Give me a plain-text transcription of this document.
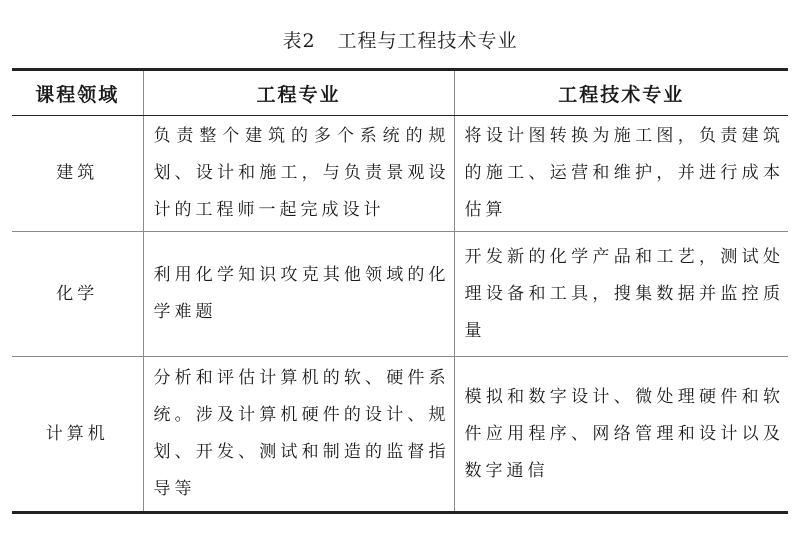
表2 工程与工程技术专业
课程领域	工程专业	工程技术专业
建筑	负责整个建筑的多个系统的规划、设计和施工，与负责景观设计的工程师一起完成设计	将设计图转换为施工图，负责建筑的施工、运营和维护，并进行成本估算
化学	利用化学知识攻克其他领域的化学难题	开发新的化学产品和工艺，测试处理设备和工具，搜集数据并监控质量
计算机	分析和评估计算机的软、硬件系统。涉及计算机硬件的设计、规划、开发、测试和制造的监督指导等	模拟和数字设计、微处理硬件和软件应用程序、网络管理和设计以及数字通信
